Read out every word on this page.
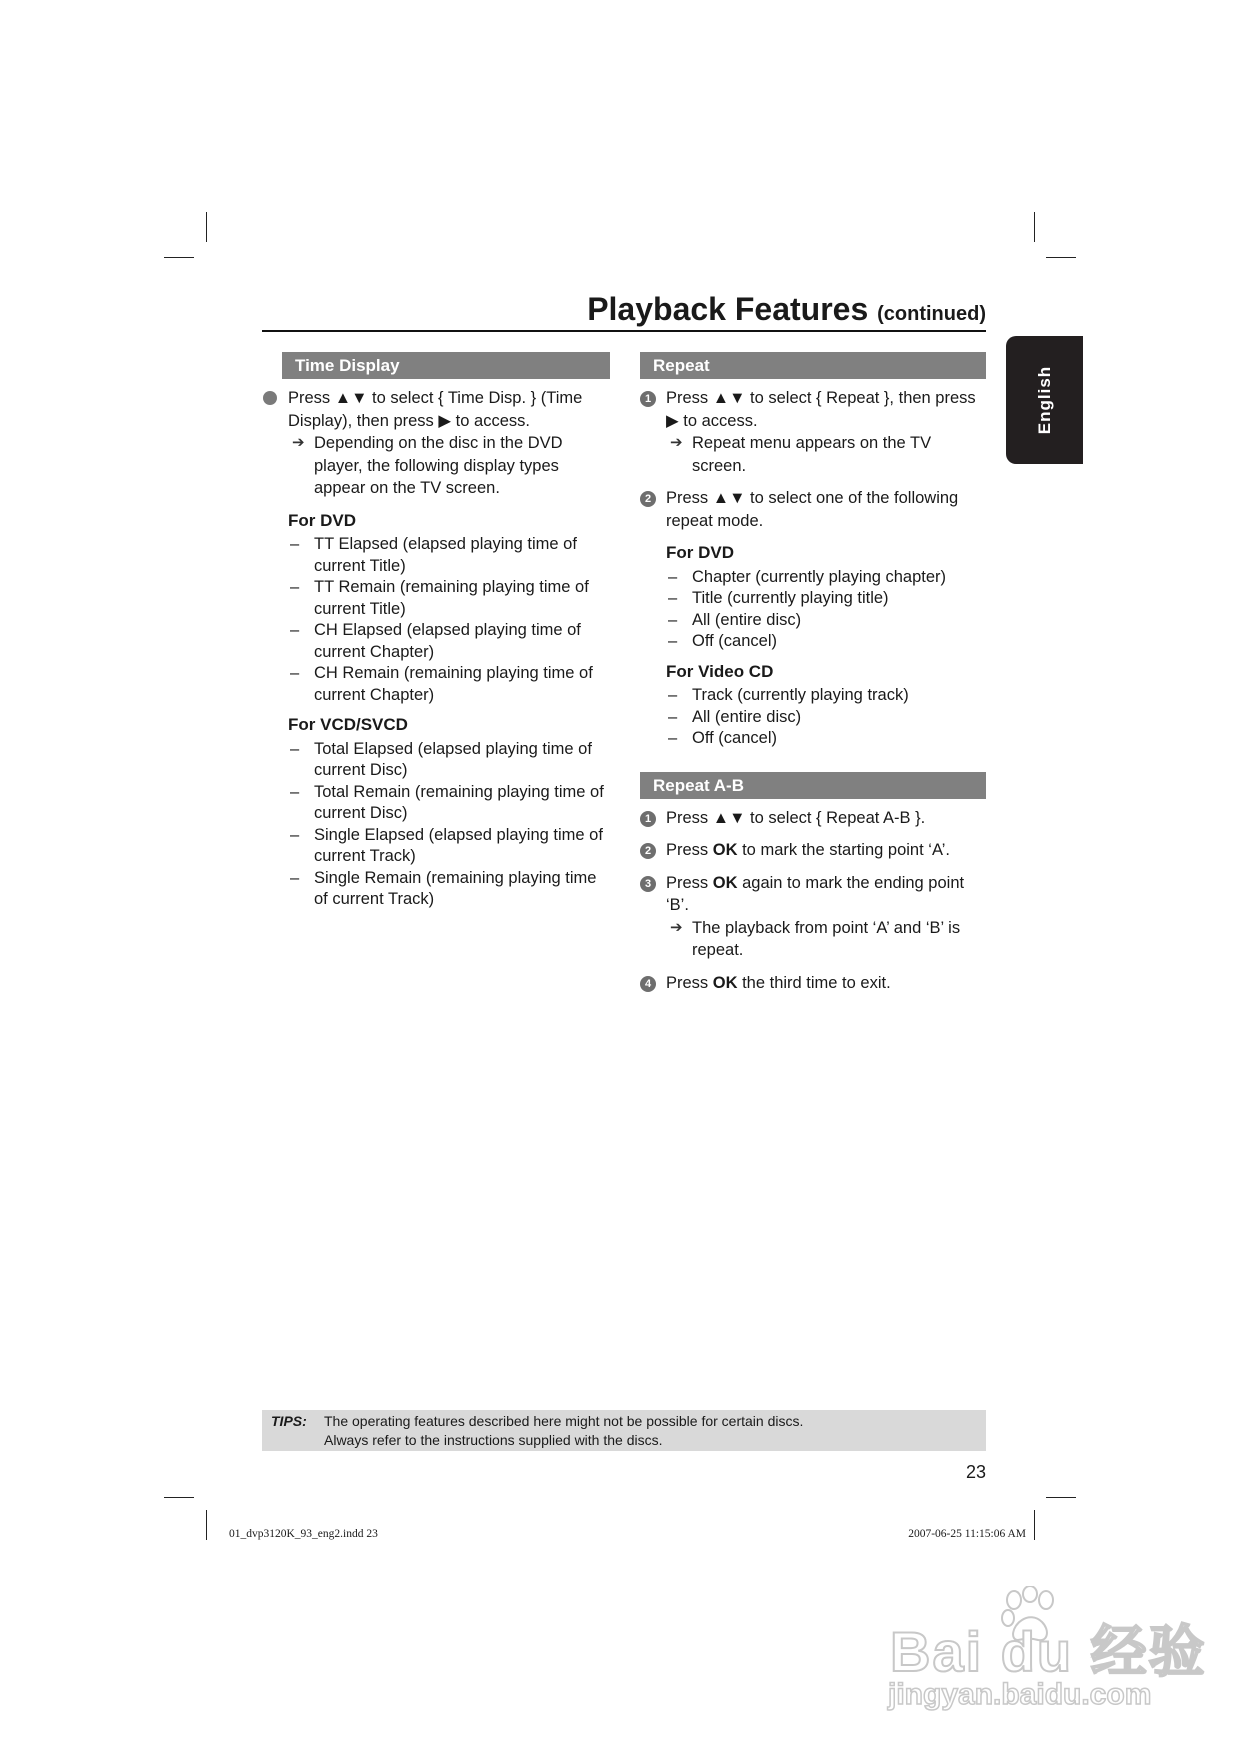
Playback Features (continued)
English
Time Display
Press ▲▼ to select { Time Disp. } (Time Display), then press ▶ to access.
➔ Depending on the disc in the DVD player, the following display types appear on the TV screen.
For DVD
– TT Elapsed (elapsed playing time of current Title)
– TT Remain (remaining playing time of current Title)
– CH Elapsed (elapsed playing time of current Chapter)
– CH Remain (remaining playing time of current Chapter)
For VCD/SVCD
– Total Elapsed (elapsed playing time of current Disc)
– Total Remain (remaining playing time of current Disc)
– Single Elapsed (elapsed playing time of current Track)
– Single Remain (remaining playing time of current Track)
Repeat
1 Press ▲▼ to select { Repeat }, then press ▶ to access.
➔ Repeat menu appears on the TV screen.
2 Press ▲▼ to select one of the following repeat mode.
For DVD
– Chapter (currently playing chapter)
– Title (currently playing title)
– All (entire disc)
– Off (cancel)
For Video CD
– Track (currently playing track)
– All (entire disc)
– Off (cancel)
Repeat A-B
1 Press ▲▼ to select { Repeat A-B }.
2 Press OK to mark the starting point ‘A’.
3 Press OK again to mark the ending point ‘B’.
➔ The playback from point ‘A’ and ‘B’ is repeat.
4 Press OK the third time to exit.
TIPS: The operating features described here might not be possible for certain discs.
Always refer to the instructions supplied with the discs.
23
01_dvp3120K_93_eng2.indd 23	2007-06-25 11:15:06 AM
Bai du 经验
jingyan.baidu.com
